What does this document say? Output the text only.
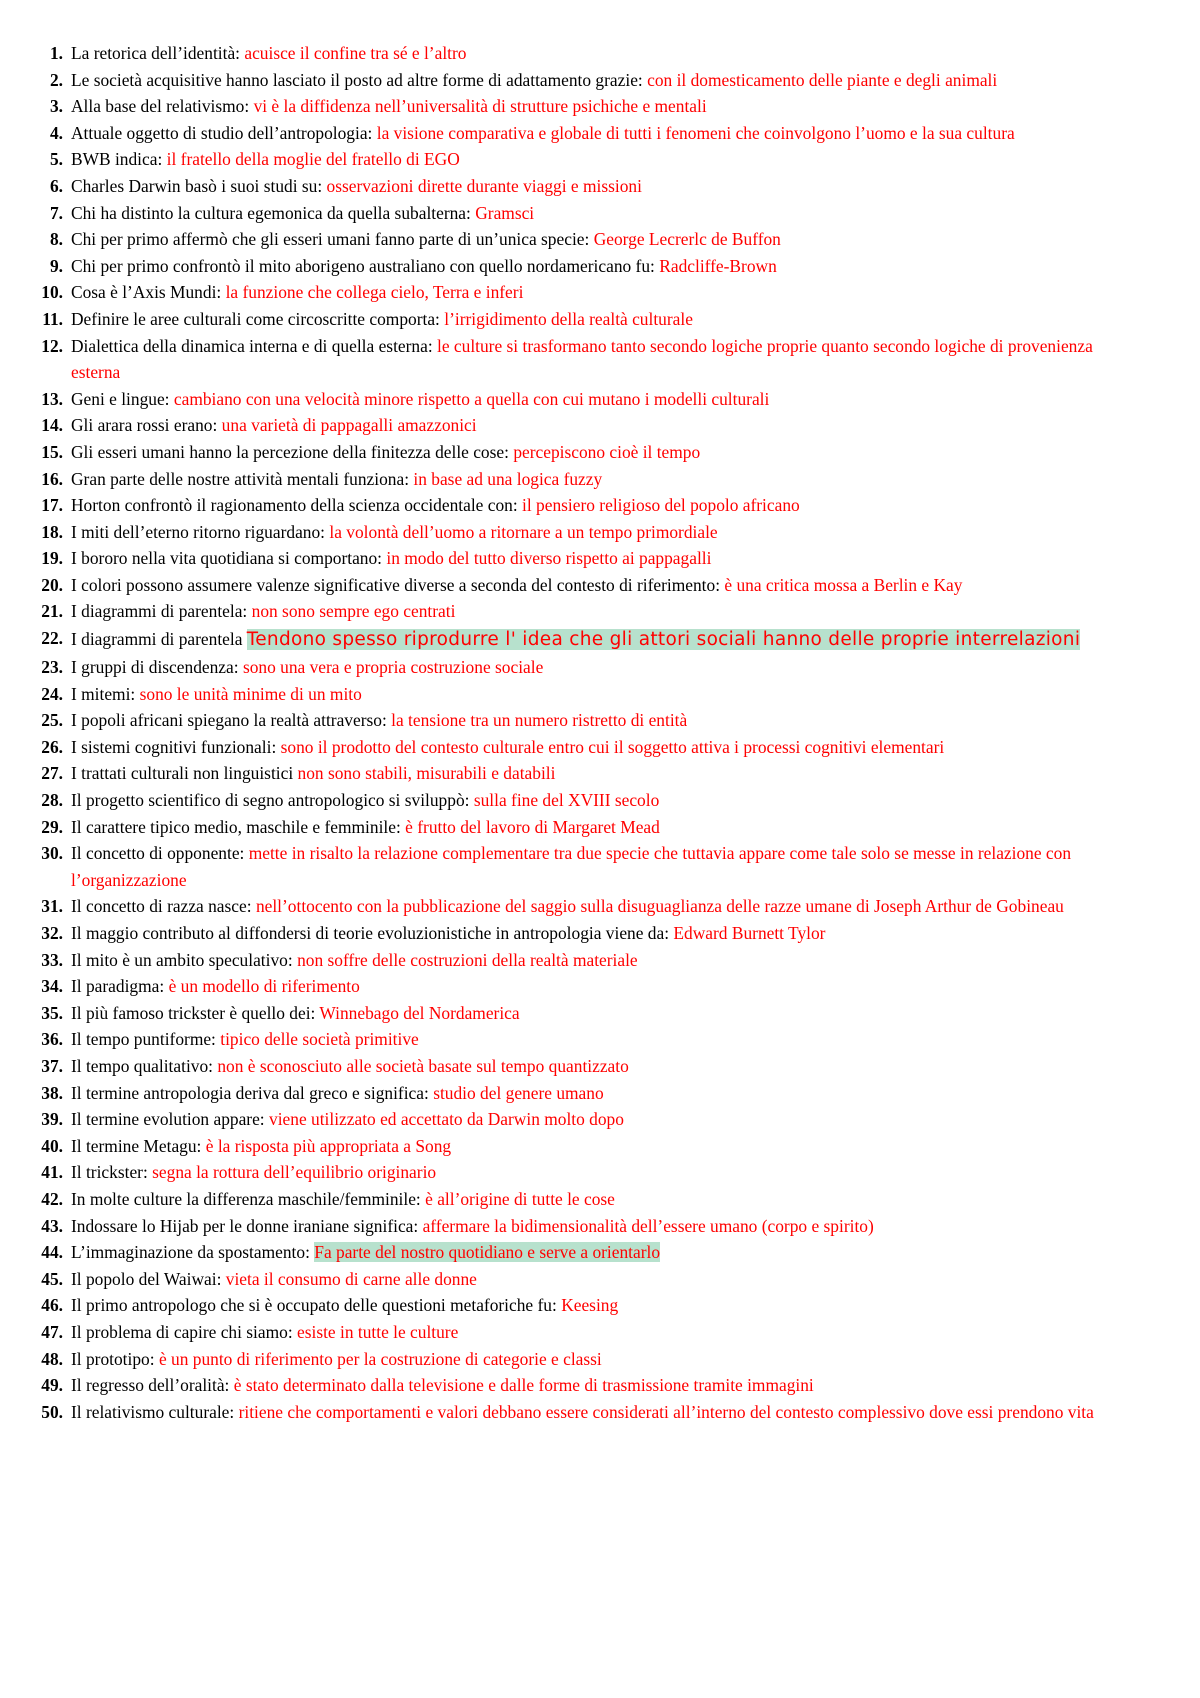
1. La retorica dell’identità: acuisce il confine tra sé e l’altro
2. Le società acquisitive hanno lasciato il posto ad altre forme di adattamento grazie: con il domesticamento delle piante e degli animali
3. Alla base del relativismo: vi è la diffidenza nell’universalità di strutture psichiche e mentali
4. Attuale oggetto di studio dell’antropologia: la visione comparativa e globale di tutti i fenomeni che coinvolgono l’uomo e la sua cultura
5. BWB indica: il fratello della moglie del fratello di EGO
6. Charles Darwin basò i suoi studi su: osservazioni dirette durante viaggi e missioni
7. Chi ha distinto la cultura egemonica da quella subalterna: Gramsci
8. Chi per primo affermò che gli esseri umani fanno parte di un’unica specie: George Lecrerlc de Buffon
9. Chi per primo confrontò il mito aborigeno australiano con quello nordamericano fu: Radcliffe-Brown
10. Cosa è l’Axis Mundi: la funzione che collega cielo, Terra e inferi
11. Definire le aree culturali come circoscritte comporta: l’irrigidimento della realtà culturale
12. Dialettica della dinamica interna e di quella esterna: le culture si trasformano tanto secondo logiche proprie quanto secondo logiche di provenienza esterna
13. Geni e lingue: cambiano con una velocità minore rispetto a quella con cui mutano i modelli culturali
14. Gli arara rossi erano: una varietà di pappagalli amazzonici
15. Gli esseri umani hanno la percezione della finitezza delle cose: percepiscono cioè il tempo
16. Gran parte delle nostre attività mentali funziona: in base ad una logica fuzzy
17. Horton confrontò il ragionamento della scienza occidentale con: il pensiero religioso del popolo africano
18. I miti dell’eterno ritorno riguardano: la volontà dell’uomo a ritornare a un tempo primordiale
19. I bororo nella vita quotidiana si comportano: in modo del tutto diverso rispetto ai pappagalli
20. I colori possono assumere valenze significative diverse a seconda del contesto di riferimento: è una critica mossa a Berlin e Kay
21. I diagrammi di parentela: non sono sempre ego centrati
22. I diagrammi di parentela Tendono spesso riprodurre l' idea che gli attori sociali hanno delle proprie interrelazioni
23. I gruppi di discendenza: sono una vera e propria costruzione sociale
24. I mitemi: sono le unità minime di un mito
25. I popoli africani spiegano la realtà attraverso: la tensione tra un numero ristretto di entità
26. I sistemi cognitivi funzionali: sono il prodotto del contesto culturale entro cui il soggetto attiva i processi cognitivi elementari
27. I trattati culturali non linguistici non sono stabili, misurabili e databili
28. Il progetto scientifico di segno antropologico si sviluppò: sulla fine del XVIII secolo
29. Il carattere tipico medio, maschile e femminile: è frutto del lavoro di Margaret Mead
30. Il concetto di opponente: mette in risalto la relazione complementare tra due specie che tuttavia appare come tale solo se messe in relazione con l’organizzazione
31. Il concetto di razza nasce: nell’ottocento con la pubblicazione del saggio sulla disuguaglianza delle razze umane di Joseph Arthur de Gobineau
32. Il maggio contributo al diffondersi di teorie evoluzionistiche in antropologia viene da: Edward Burnett Tylor
33. Il mito è un ambito speculativo: non soffre delle costruzioni della realtà materiale
34. Il paradigma: è un modello di riferimento
35. Il più famoso trickster è quello dei: Winnebago del Nordamerica
36. Il tempo puntiforme: tipico delle società primitive
37. Il tempo qualitativo: non è sconosciuto alle società basate sul tempo quantizzato
38. Il termine antropologia deriva dal greco e significa: studio del genere umano
39. Il termine evolution appare: viene utilizzato ed accettato da Darwin molto dopo
40. Il termine Metagu: è la risposta più appropriata a Song
41. Il trickster: segna la rottura dell’equilibrio originario
42. In molte culture la differenza maschile/femminile: è all’origine di tutte le cose
43. Indossare lo Hijab per le donne iraniane significa: affermare la bidimensionalità dell’essere umano (corpo e spirito)
44. L’immaginazione da spostamento: Fa parte del nostro quotidiano e serve a orientarlo
45. Il popolo del Waiwai: vieta il consumo di carne alle donne
46. Il primo antropologo che si è occupato delle questioni metaforiche fu: Keesing
47. Il problema di capire chi siamo: esiste in tutte le culture
48. Il prototipo: è un punto di riferimento per la costruzione di categorie e classi
49. Il regresso dell’oralità: è stato determinato dalla televisione e dalle forme di trasmissione tramite immagini
50. Il relativismo culturale: ritiene che comportamenti e valori debbano essere considerati all’interno del contesto complessivo dove essi prendono vita
